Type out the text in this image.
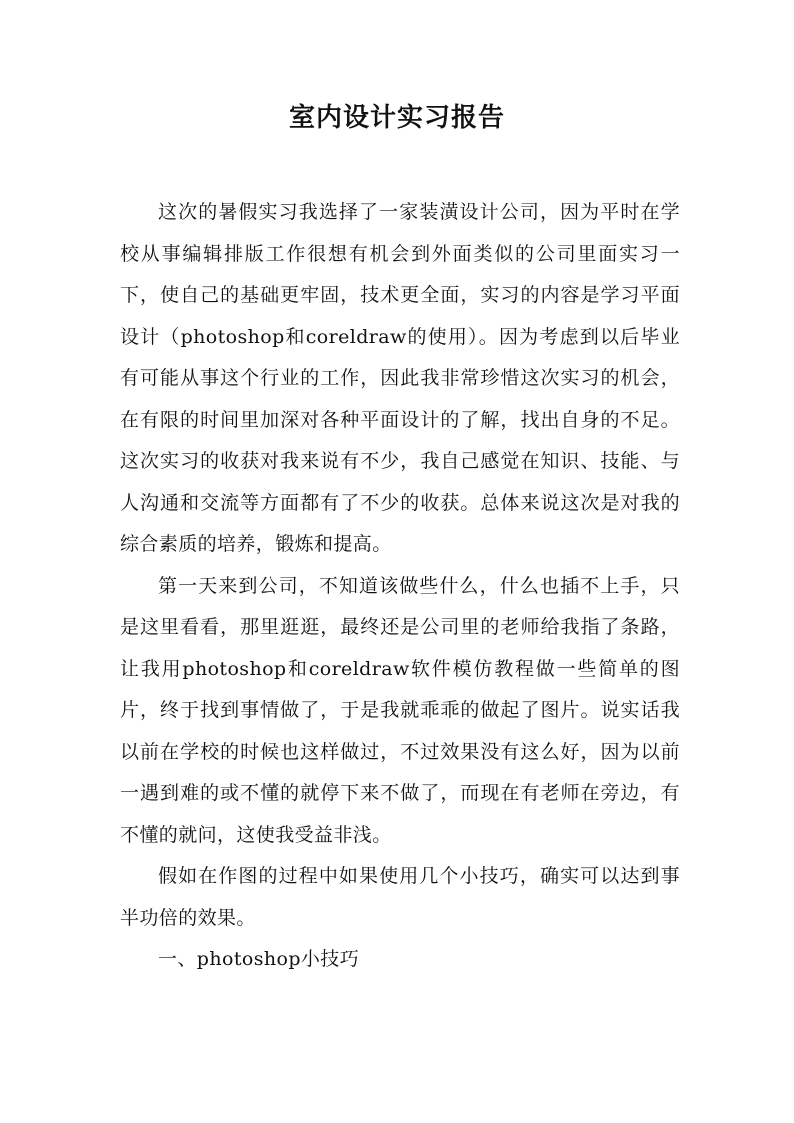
室内设计实习报告

这次的暑假实习我选择了一家装潢设计公司，因为平时在学校从事编辑排版工作很想有机会到外面类似的公司里面实习一下，使自己的基础更牢固，技术更全面，实习的内容是学习平面设计（photoshop和coreldraw的使用）。因为考虑到以后毕业有可能从事这个行业的工作，因此我非常珍惜这次实习的机会，在有限的时间里加深对各种平面设计的了解，找出自身的不足。这次实习的收获对我来说有不少，我自己感觉在知识、技能、与人沟通和交流等方面都有了不少的收获。总体来说这次是对我的综合素质的培养，锻炼和提高。

第一天来到公司，不知道该做些什么，什么也插不上手，只是这里看看，那里逛逛，最终还是公司里的老师给我指了条路，让我用photoshop和coreldraw软件模仿教程做一些简单的图片，终于找到事情做了，于是我就乖乖的做起了图片。说实话我以前在学校的时候也这样做过，不过效果没有这么好，因为以前一遇到难的或不懂的就停下来不做了，而现在有老师在旁边，有不懂的就问，这使我受益非浅。

假如在作图的过程中如果使用几个小技巧，确实可以达到事半功倍的效果。

一、photoshop小技巧
